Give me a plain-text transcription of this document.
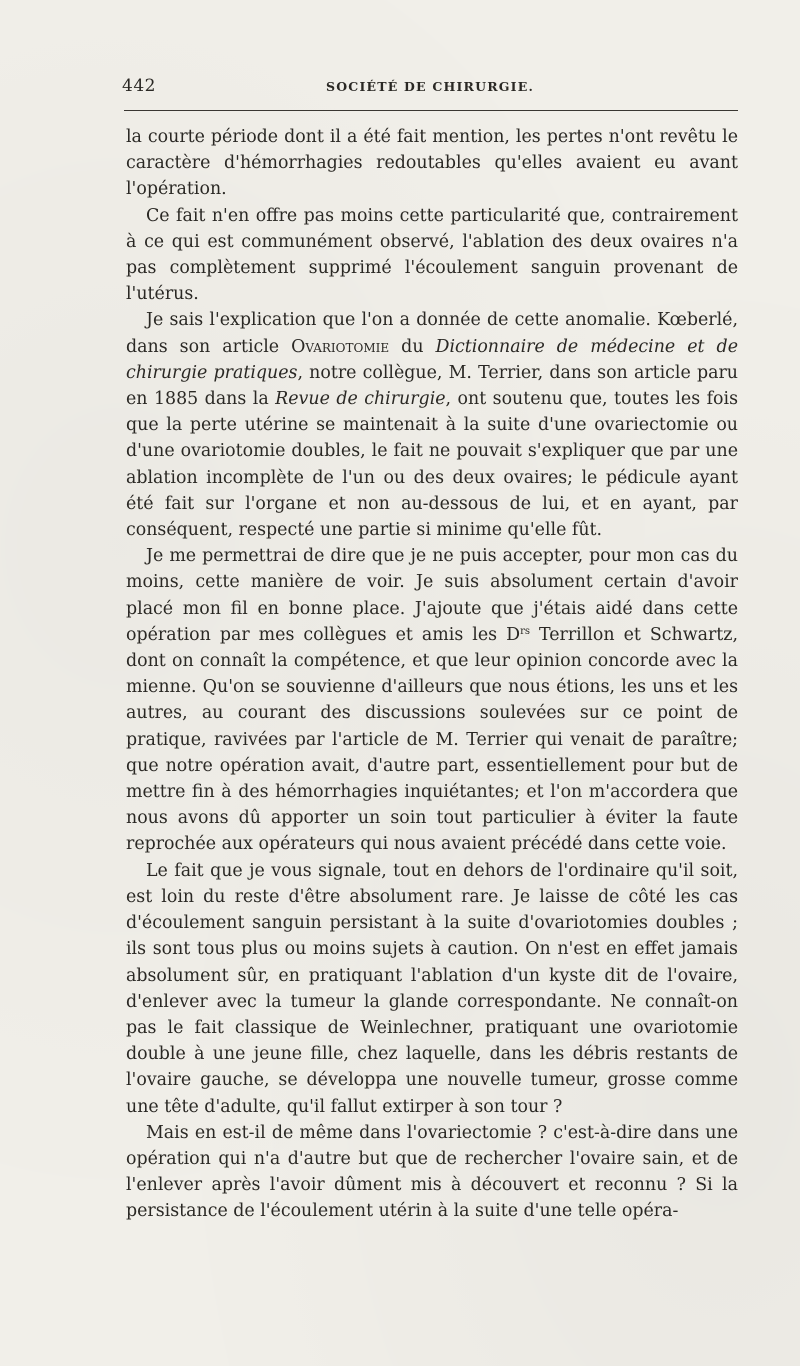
442	SOCIÉTÉ DE CHIRURGIE.

la courte période dont il a été fait mention, les pertes n'ont revêtu le caractère d'hémorrhagies redoutables qu'elles avaient eu avant l'opération.

Ce fait n'en offre pas moins cette particularité que, contrairement à ce qui est communément observé, l'ablation des deux ovaires n'a pas complètement supprimé l'écoulement sanguin provenant de l'utérus.

Je sais l'explication que l'on a donnée de cette anomalie. Kœberlé, dans son article Ovariotomie du Dictionnaire de médecine et de chirurgie pratiques, notre collègue, M. Terrier, dans son article paru en 1885 dans la Revue de chirurgie, ont soutenu que, toutes les fois que la perte utérine se maintenait à la suite d'une ovariectomie ou d'une ovariotomie doubles, le fait ne pouvait s'expliquer que par une ablation incomplète de l'un ou des deux ovaires; le pédicule ayant été fait sur l'organe et non au-dessous de lui, et en ayant, par conséquent, respecté une partie si minime qu'elle fût.

Je me permettrai de dire que je ne puis accepter, pour mon cas du moins, cette manière de voir. Je suis absolument certain d'avoir placé mon fil en bonne place. J'ajoute que j'étais aidé dans cette opération par mes collègues et amis les $D^{rs}$ Terrillon et Schwartz, dont on connaît la compétence, et que leur opinion concorde avec la mienne. Qu'on se souvienne d'ailleurs que nous étions, les uns et les autres, au courant des discussions soulevées sur ce point de pratique, ravivées par l'article de M. Terrier qui venait de paraître; que notre opération avait, d'autre part, essentiellement pour but de mettre fin à des hémorrhagies inquiétantes; et l'on m'accordera que nous avons dû apporter un soin tout particulier à éviter la faute reprochée aux opérateurs qui nous avaient précédé dans cette voie.

Le fait que je vous signale, tout en dehors de l'ordinaire qu'il soit, est loin du reste d'être absolument rare. Je laisse de côté les cas d'écoulement sanguin persistant à la suite d'ovariotomies doubles ; ils sont tous plus ou moins sujets à caution. On n'est en effet jamais absolument sûr, en pratiquant l'ablation d'un kyste dit de l'ovaire, d'enlever avec la tumeur la glande correspondante. Ne connaît-on pas le fait classique de Weinlechner, pratiquant une ovariotomie double à une jeune fille, chez laquelle, dans les débris restants de l'ovaire gauche, se développa une nouvelle tumeur, grosse comme une tête d'adulte, qu'il fallut extirper à son tour ?

Mais en est-il de même dans l'ovariectomie ? c'est-à-dire dans une opération qui n'a d'autre but que de rechercher l'ovaire sain, et de l'enlever après l'avoir dûment mis à découvert et reconnu ? Si la persistance de l'écoulement utérin à la suite d'une telle opéra-
